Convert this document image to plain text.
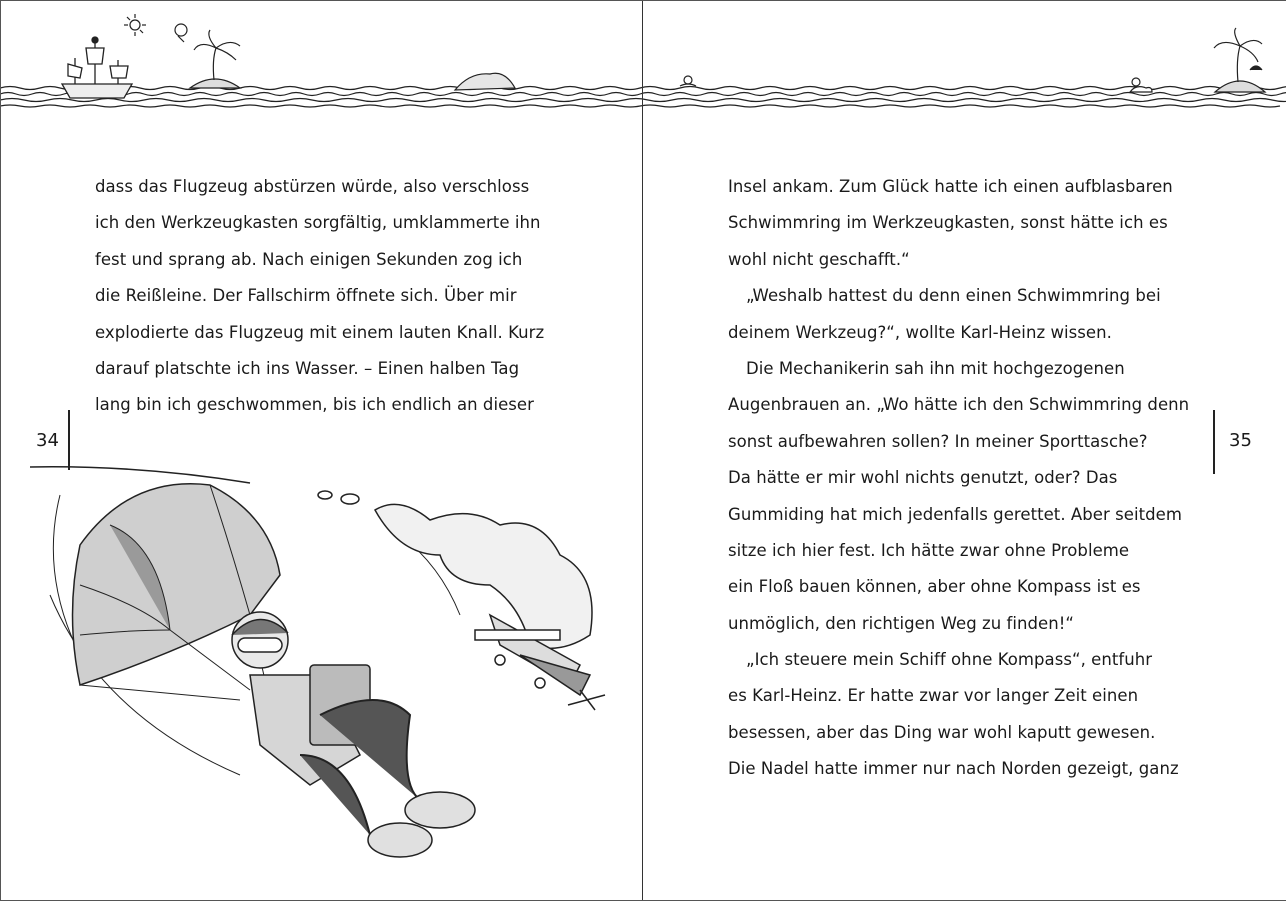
dass das Flugzeug abstürzen würde, also verschloss
ich den Werkzeugkasten sorgfältig, umklammerte ihn
fest und sprang ab. Nach einigen Sekunden zog ich
die Reißleine. Der Fallschirm öffnete sich. Über mir
explodierte das Flugzeug mit einem lauten Knall. Kurz
darauf platschte ich ins Wasser. – Einen halben Tag
lang bin ich geschwommen, bis ich endlich an dieser
34	35
Insel ankam. Zum Glück hatte ich einen aufblasbaren
Schwimmring im Werkzeugkasten, sonst hätte ich es
wohl nicht geschafft.“
„Weshalb hattest du denn einen Schwimmring bei
deinem Werkzeug?“, wollte Karl-Heinz wissen.
Die Mechanikerin sah ihn mit hochgezogenen
Augenbrauen an. „Wo hätte ich den Schwimmring denn
sonst aufbewahren sollen? In meiner Sporttasche?
Da hätte er mir wohl nichts genutzt, oder? Das
Gummiding hat mich jedenfalls gerettet. Aber seitdem
sitze ich hier fest. Ich hätte zwar ohne Probleme
ein Floß bauen können, aber ohne Kompass ist es
unmöglich, den richtigen Weg zu finden!“
„Ich steuere mein Schiff ohne Kompass“, entfuhr
es Karl-Heinz. Er hatte zwar vor langer Zeit einen
besessen, aber das Ding war wohl kaputt gewesen.
Die Nadel hatte immer nur nach Norden gezeigt, ganz
